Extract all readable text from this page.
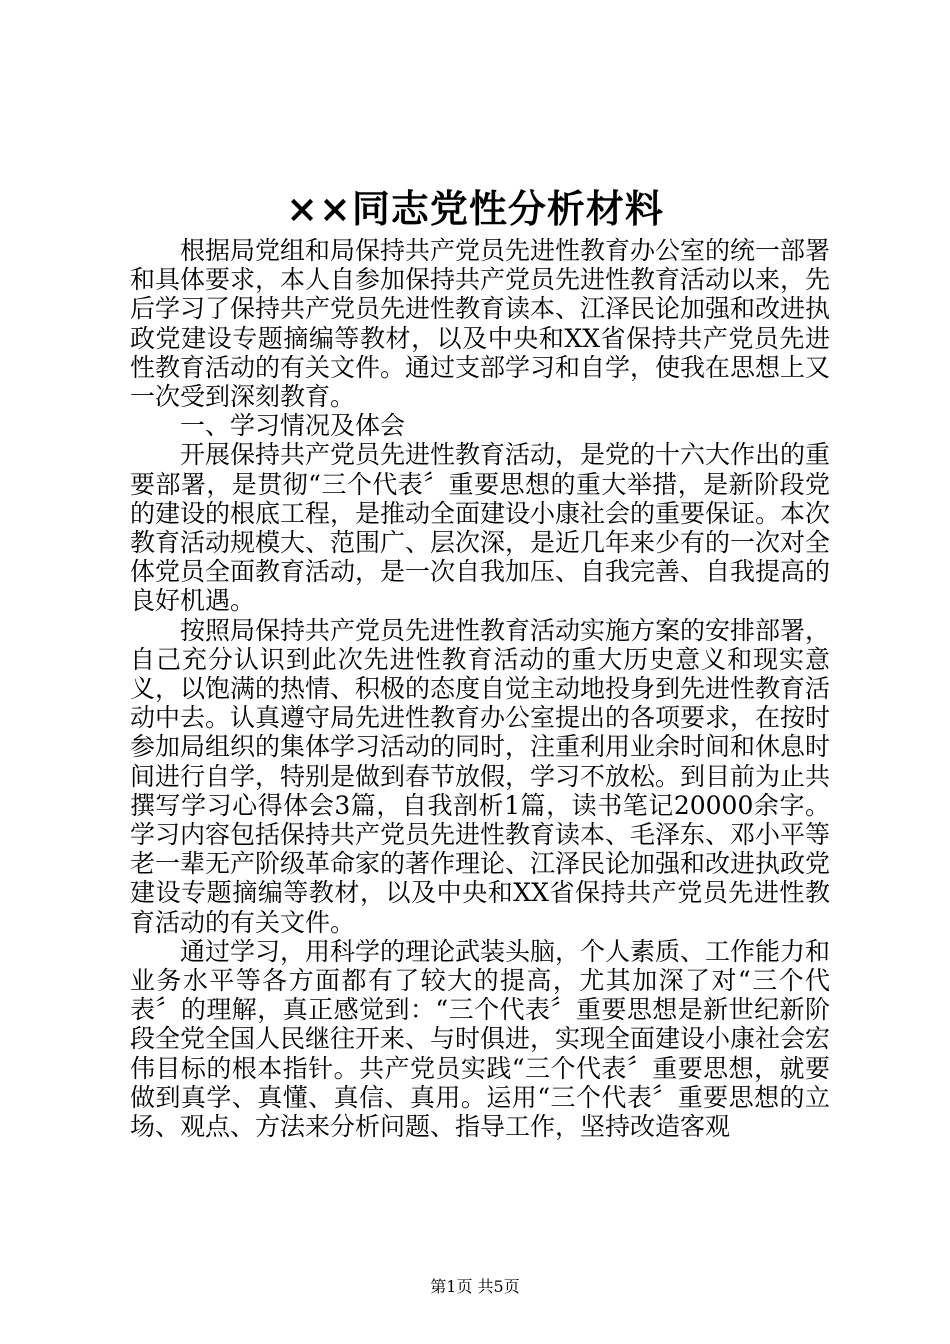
××同志党性分析材料

根据局党组和局保持共产党员先进性教育办公室的统一部署和具体要求，本人自参加保持共产党员先进性教育活动以来，先后学习了保持共产党员先进性教育读本、江泽民论加强和改进执政党建设专题摘编等教材，以及中央和XX省保持共产党员先进性教育活动的有关文件。通过支部学习和自学，使我在思想上又一次受到深刻教育。

一、学习情况及体会

开展保持共产党员先进性教育活动，是党的十六大作出的重要部署，是贯彻“三个代表〞重要思想的重大举措，是新阶段党的建设的根底工程，是推动全面建设小康社会的重要保证。本次教育活动规模大、范围广、层次深，是近几年来少有的一次对全体党员全面教育活动，是一次自我加压、自我完善、自我提高的良好机遇。

按照局保持共产党员先进性教育活动实施方案的安排部署，自己充分认识到此次先进性教育活动的重大历史意义和现实意义，以饱满的热情、积极的态度自觉主动地投身到先进性教育活动中去。认真遵守局先进性教育办公室提出的各项要求，在按时参加局组织的集体学习活动的同时，注重利用业余时间和休息时间进行自学，特别是做到春节放假，学习不放松。到目前为止共撰写学习心得体会3篇，自我剖析1篇，读书笔记20000余字。学习内容包括保持共产党员先进性教育读本、毛泽东、邓小平等老一辈无产阶级革命家的著作理论、江泽民论加强和改进执政党建设专题摘编等教材，以及中央和XX省保持共产党员先进性教育活动的有关文件。

通过学习，用科学的理论武装头脑，个人素质、工作能力和业务水平等各方面都有了较大的提高，尤其加深了对“三个代表〞的理解，真正感觉到：“三个代表〞重要思想是新世纪新阶段全党全国人民继往开来、与时俱进，实现全面建设小康社会宏伟目标的根本指针。共产党员实践“三个代表〞重要思想，就要做到真学、真懂、真信、真用。运用“三个代表〞重要思想的立场、观点、方法来分析问题、指导工作，坚持改造客观

第1页 共5页
